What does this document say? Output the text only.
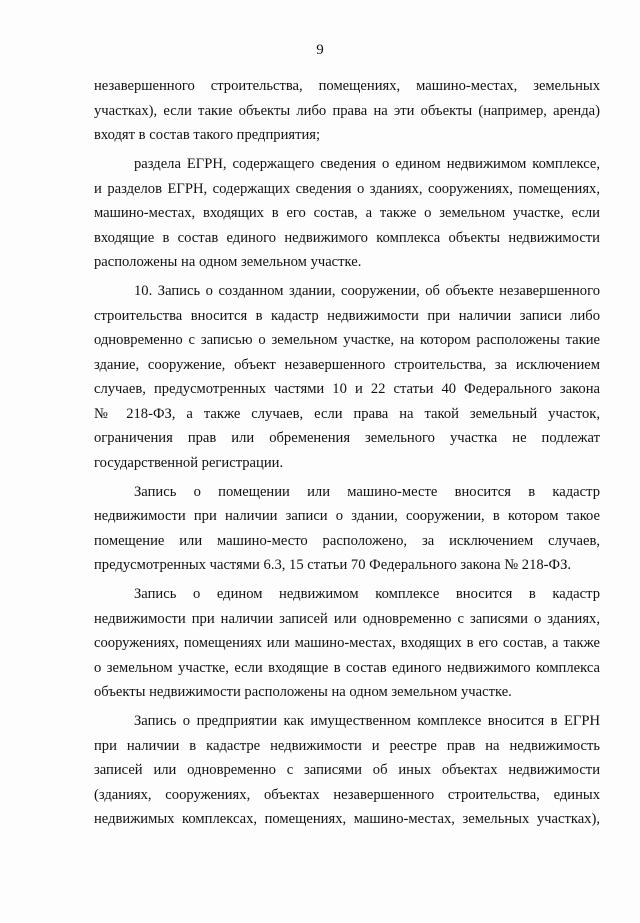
9
незавершенного строительства, помещениях, машино-местах, земельных
участках), если такие объекты либо права на эти объекты (например, аренда)
входят в состав такого предприятия;
раздела ЕГРН, содержащего сведения о едином недвижимом комплексе,
и разделов ЕГРН, содержащих сведения о зданиях, сооружениях, помещениях,
машино-местах, входящих в его состав, а также о земельном участке, если
входящие в состав единого недвижимого комплекса объекты недвижимости
расположены на одном земельном участке.
10. Запись о созданном здании, сооружении, об объекте незавершенного
строительства вносится в кадастр недвижимости при наличии записи либо
одновременно с записью о земельном участке, на котором расположены такие
здание, сооружение, объект незавершенного строительства, за исключением
случаев, предусмотренных частями 10 и 22 статьи 40 Федерального закона
№ 218-ФЗ, а также случаев, если права на такой земельный участок,
ограничения прав или обременения земельного участка не подлежат
государственной регистрации.
Запись о помещении или машино-месте вносится в кадастр
недвижимости при наличии записи о здании, сооружении, в котором такое
помещение или машино-место расположено, за исключением случаев,
предусмотренных частями 6.3, 15 статьи 70 Федерального закона № 218-ФЗ.
Запись о едином недвижимом комплексе вносится в кадастр
недвижимости при наличии записей или одновременно с записями о зданиях,
сооружениях, помещениях или машино-местах, входящих в его состав, а также
о земельном участке, если входящие в состав единого недвижимого комплекса
объекты недвижимости расположены на одном земельном участке.
Запись о предприятии как имущественном комплексе вносится в ЕГРН
при наличии в кадастре недвижимости и реестре прав на недвижимость
записей или одновременно с записями об иных объектах недвижимости
(зданиях, сооружениях, объектах незавершенного строительства, единых
недвижимых комплексах, помещениях, машино-местах, земельных участках),
